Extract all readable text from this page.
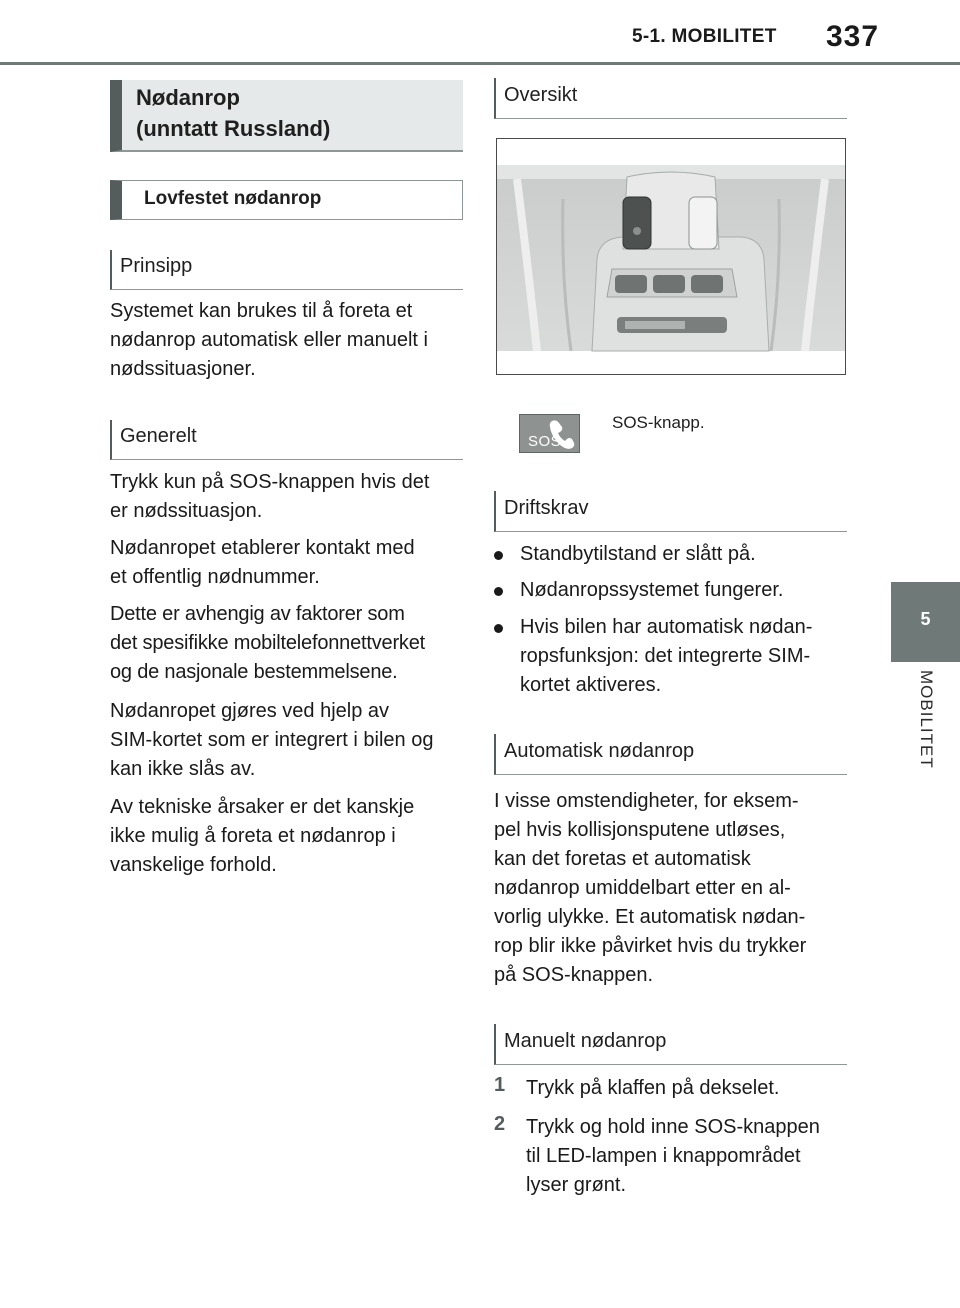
5-1. MOBILITET 337
5
MOBILITET
Nødanrop
(unntatt Russland)
Lovfestet nødanrop
Prinsipp
Systemet kan brukes til å foreta et
nødanrop automatisk eller manuelt i
nødssituasjoner.
Generelt
Trykk kun på SOS-knappen hvis det
er nødssituasjon.
Nødanropet etablerer kontakt med
et offentlig nødnummer.
Dette er avhengig av faktorer som
det spesifikke mobiltelefonnettverket
og de nasjonale bestemmelsene.
Nødanropet gjøres ved hjelp av
SIM-kortet som er integrert i bilen og
kan ikke slås av.
Av tekniske årsaker er det kanskje
ikke mulig å foreta et nødanrop i
vanskelige forhold.
Oversikt
SOS
SOS-knapp.
Driftskrav
Standbytilstand er slått på.
Nødanropssystemet fungerer.
Hvis bilen har automatisk nødan-
ropsfunksjon: det integrerte SIM-
kortet aktiveres.
Automatisk nødanrop
I visse omstendigheter, for eksem-
pel hvis kollisjonsputene utløses,
kan det foretas et automatisk
nødanrop umiddelbart etter en al-
vorlig ulykke. Et automatisk nødan-
rop blir ikke påvirket hvis du trykker
på SOS-knappen.
Manuelt nødanrop
1 Trykk på klaffen på dekselet.
2 Trykk og hold inne SOS-knappen
til LED-lampen i knappområdet
lyser grønt.
